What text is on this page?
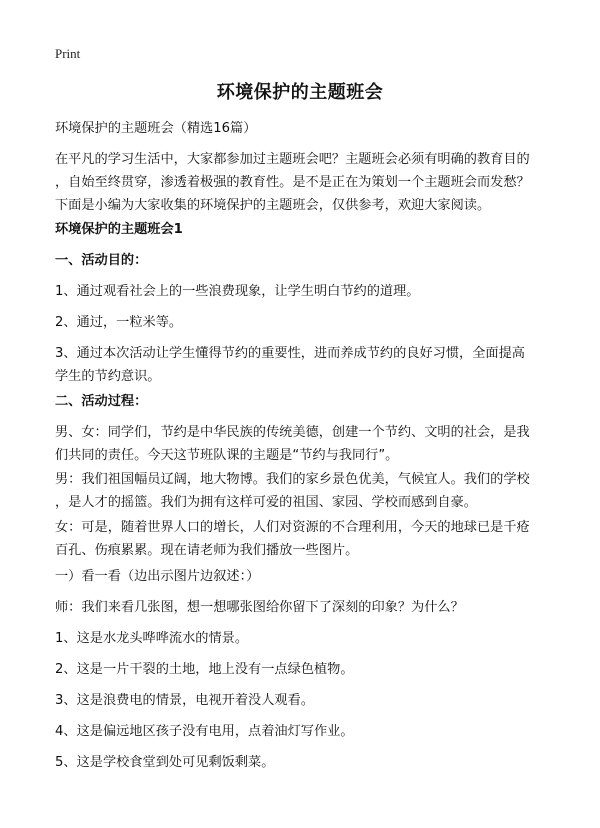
Print
环境保护的主题班会

环境保护的主题班会（精选16篇）

在平凡的学习生活中，大家都参加过主题班会吧？主题班会必须有明确的教育目的
，自始至终贯穿，渗透着极强的教育性。是不是正在为策划一个主题班会而发愁？
下面是小编为大家收集的环境保护的主题班会，仅供参考，欢迎大家阅读。

环境保护的主题班会1

一、活动目的：

1、通过观看社会上的一些浪费现象，让学生明白节约的道理。

2、通过，一粒米等。

3、通过本次活动让学生懂得节约的重要性，进而养成节约的良好习惯，全面提高
学生的节约意识。

二、活动过程：

男、女：同学们，节约是中华民族的传统美德，创建一个节约、文明的社会，是我
们共同的责任。今天这节班队课的主题是“节约与我同行”。
男：我们祖国幅员辽阔，地大物博。我们的家乡景色优美，气候宜人。我们的学校
，是人才的摇篮。我们为拥有这样可爱的祖国、家园、学校而感到自豪。
女：可是，随着世界人口的增长，人们对资源的不合理利用，今天的地球已是千疮
百孔、伤痕累累。现在请老师为我们播放一些图片。

一）看一看（边出示图片边叙述：）

师：我们来看几张图，想一想哪张图给你留下了深刻的印象？为什么？

1、这是水龙头哗哗流水的情景。

2、这是一片干裂的土地，地上没有一点绿色植物。

3、这是浪费电的情景，电视开着没人观看。

4、这是偏远地区孩子没有电用，点着油灯写作业。

5、这是学校食堂到处可见剩饭剩菜。
